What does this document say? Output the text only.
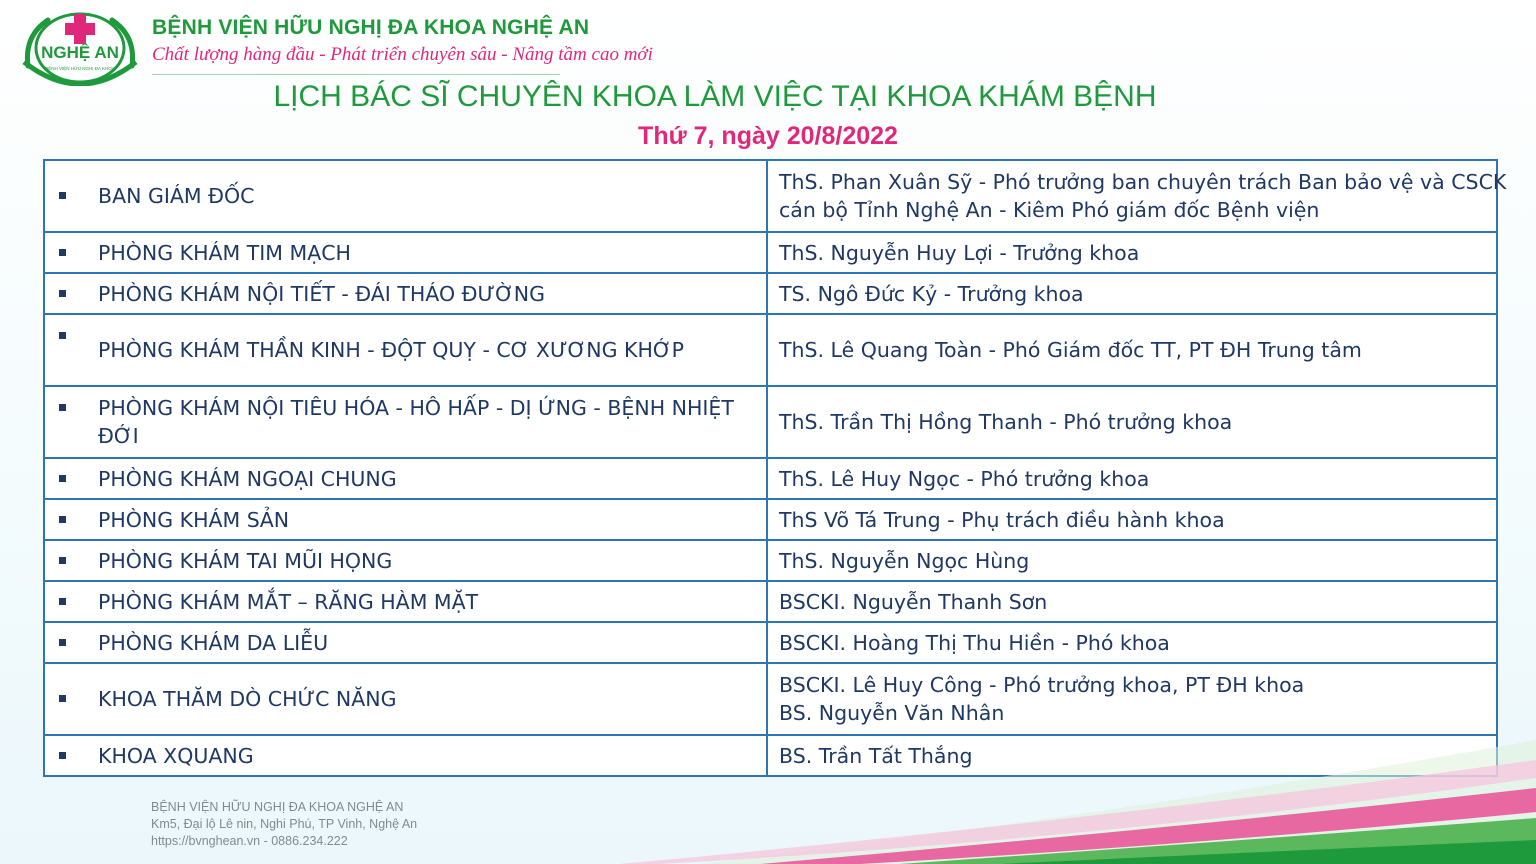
NGHỆ AN
BỆNH VIỆN HỮU NGHỊ ĐA KHOA
BỆNH VIỆN HỮU NGHỊ ĐA KHOA NGHỆ AN
Chất lượng hàng đầu - Phát triển chuyên sâu - Nâng tầm cao mới
LỊCH BÁC SĨ CHUYÊN KHOA LÀM VIỆC TẠI KHOA KHÁM BỆNH
Thứ 7, ngày 20/8/2022
BAN GIÁM ĐỐC	ThS. Phan Xuân Sỹ - Phó trưởng ban chuyên trách Ban bảo vệ và CSCK
cán bộ Tỉnh Nghệ An - Kiêm Phó giám đốc Bệnh viện

PHÒNG KHÁM TIM MẠCH	ThS. Nguyễn Huy Lợi - Trưởng khoa

PHÒNG KHÁM NỘI TIẾT - ĐÁI THÁO ĐƯỜNG	TS. Ngô Đức Kỷ - Trưởng khoa

PHÒNG KHÁM THẦN KINH - ĐỘT QUỴ - CƠ XƯƠNG KHỚP	ThS. Lê Quang Toàn - Phó Giám đốc TT, PT ĐH Trung tâm

PHÒNG KHÁM NỘI TIÊU HÓA - HÔ HẤP - DỊ ỨNG - BỆNH NHIỆT ĐỚI	ThS. Trần Thị Hồng Thanh - Phó trưởng khoa

PHÒNG KHÁM NGOẠI CHUNG	ThS. Lê Huy Ngọc - Phó trưởng khoa

PHÒNG KHÁM SẢN	ThS Võ Tá Trung - Phụ trách điều hành khoa

PHÒNG KHÁM TAI MŨI HỌNG	ThS. Nguyễn Ngọc Hùng

PHÒNG KHÁM MẮT – RĂNG HÀM MẶT	BSCKI. Nguyễn Thanh Sơn

PHÒNG KHÁM DA LIỄU	BSCKI. Hoàng Thị Thu Hiền - Phó khoa

KHOA THĂM DÒ CHỨC NĂNG	BSCKI. Lê Huy Công - Phó trưởng khoa, PT ĐH khoa
BS. Nguyễn Văn Nhân

KHOA XQUANG	BS. Trần Tất Thắng
BỆNH VIỆN HỮU NGHỊ ĐA KHOA NGHỆ AN
Km5, Đại lộ Lê nin, Nghi Phú, TP Vinh, Nghệ An
https://bvnghean.vn - 0886.234.222
